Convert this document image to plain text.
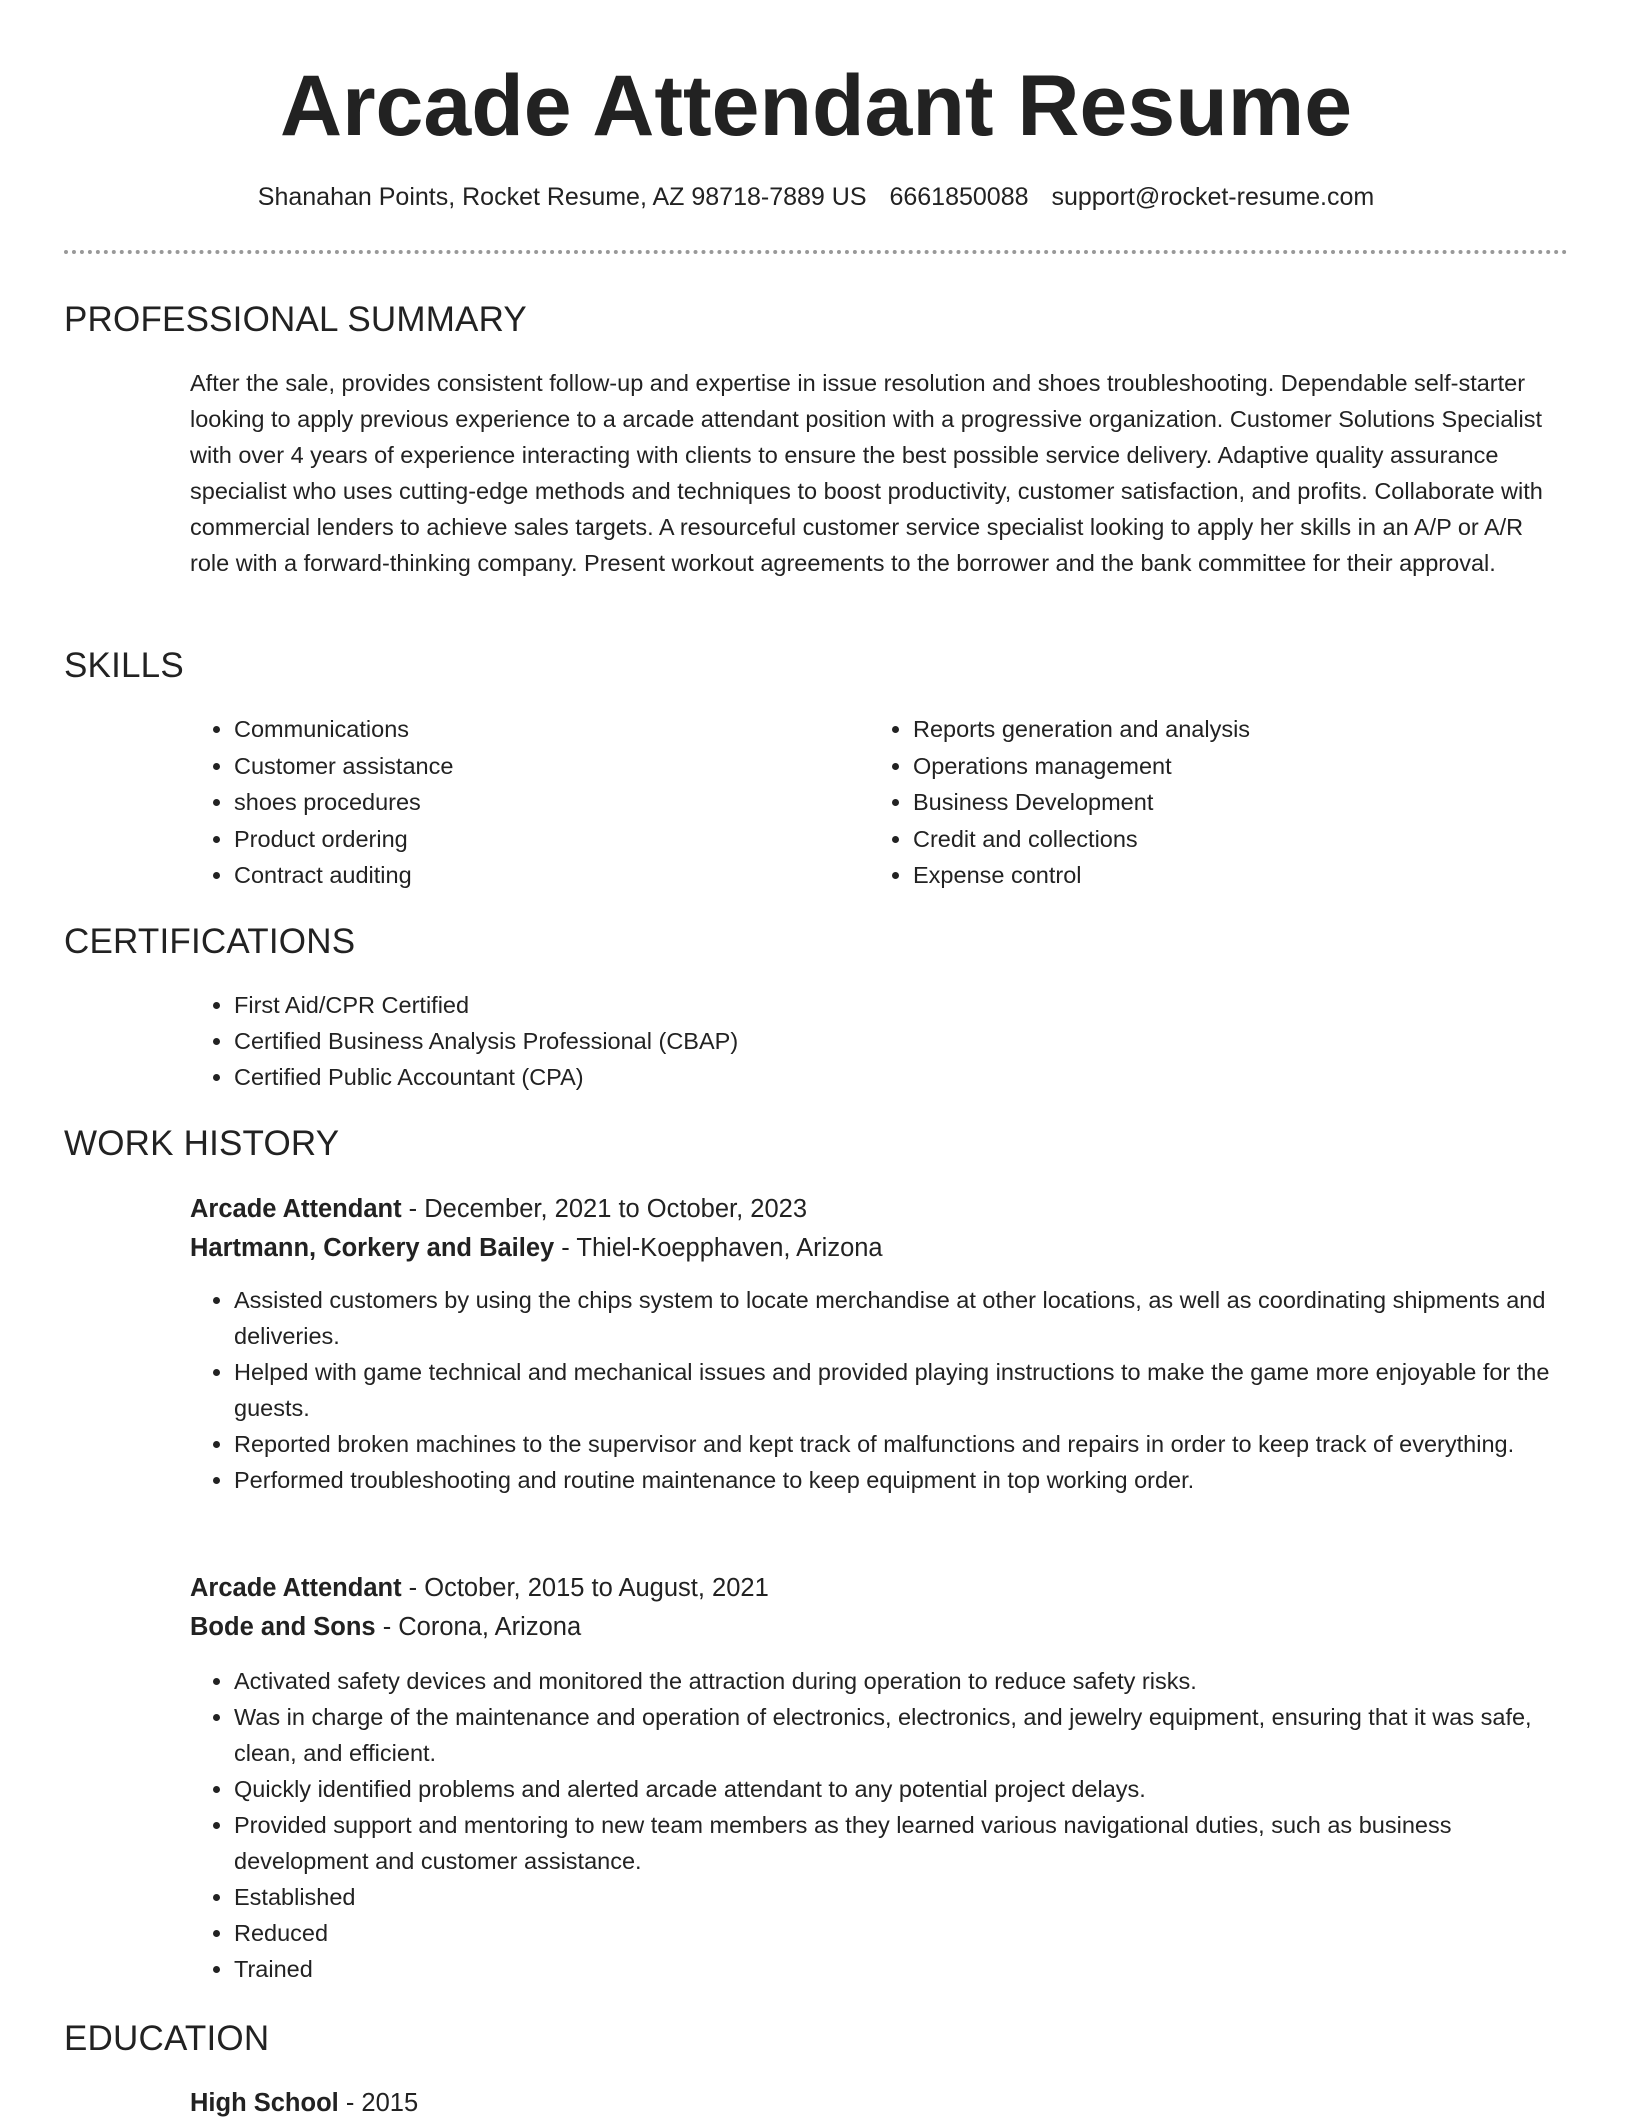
Arcade Attendant Resume
Shanahan Points, Rocket Resume, AZ 98718-7889 US 6661850088 support@rocket-resume.com
PROFESSIONAL SUMMARY

After the sale, provides consistent follow-up and expertise in issue resolution and shoes troubleshooting. Dependable self-starter looking to apply previous experience to a arcade attendant position with a progressive organization. Customer Solutions Specialist with over 4 years of experience interacting with clients to ensure the best possible service delivery. Adaptive quality assurance specialist who uses cutting-edge methods and techniques to boost productivity, customer satisfaction, and profits. Collaborate with commercial lenders to achieve sales targets. A resourceful customer service specialist looking to apply her skills in an A/P or A/R role with a forward-thinking company. Present workout agreements to the borrower and the bank committee for their approval.

SKILLS
• Communications
• Customer assistance
• shoes procedures
• Product ordering
• Contract auditing
• Reports generation and analysis
• Operations management
• Business Development
• Credit and collections
• Expense control
CERTIFICATIONS
• First Aid/CPR Certified
• Certified Business Analysis Professional (CBAP)
• Certified Public Accountant (CPA)
WORK HISTORY
Arcade Attendant - December, 2021 to October, 2023
Hartmann, Corkery and Bailey - Thiel-Koepphaven, Arizona
• Assisted customers by using the chips system to locate merchandise at other locations, as well as coordinating shipments and deliveries.
• Helped with game technical and mechanical issues and provided playing instructions to make the game more enjoyable for the guests.
• Reported broken machines to the supervisor and kept track of malfunctions and repairs in order to keep track of everything.
• Performed troubleshooting and routine maintenance to keep equipment in top working order.
Arcade Attendant - October, 2015 to August, 2021
Bode and Sons - Corona, Arizona
• Activated safety devices and monitored the attraction during operation to reduce safety risks.
• Was in charge of the maintenance and operation of electronics, electronics, and jewelry equipment, ensuring that it was safe, clean, and efficient.
• Quickly identified problems and alerted arcade attendant to any potential project delays.
• Provided support and mentoring to new team members as they learned various navigational duties, such as business development and customer assistance.
• Established
• Reduced
• Trained
EDUCATION
High School - 2015
